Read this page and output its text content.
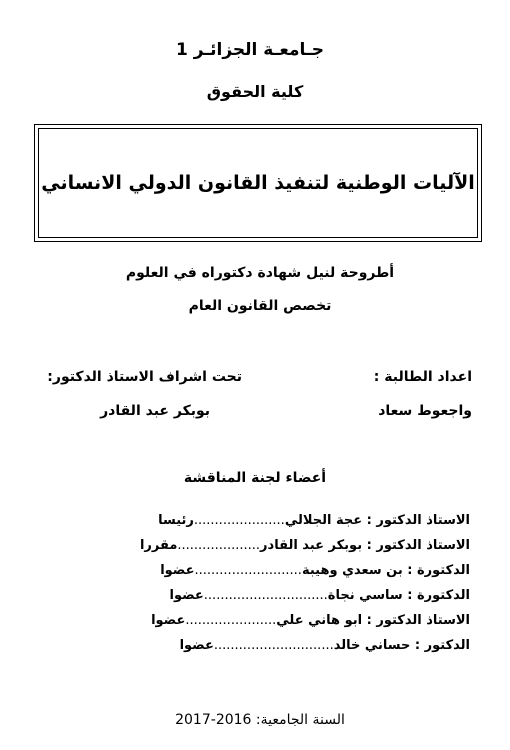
جـامعـة الجزائـر 1
كلية الحقوق
الآليات الوطنية لتنفيذ القانون الدولي الانساني
أطروحة لنيل شهادة دكتوراه في العلوم
تخصص القانون العام
اعداد الطالبة :
تحت اشراف الاستاذ الدكتور:
واجعوط سعاد
بوبكر عبد القادر
أعضاء لجنة المناقشة
الاستاذ الدكتور : عجة الجلالي......................رئيسا
الاستاذ الدكتور : بوبكر عبد القادر....................مقررا
الدكتورة : بن سعدي وهيبة..........................عضوا
الدكتورة : ساسي نجاة..............................عضوا
الاستاذ الدكتور : ابو هاني علي......................عضوا
الدكتور : حساني خالد.............................عضوا
السنة الجامعية: 2016-2017
